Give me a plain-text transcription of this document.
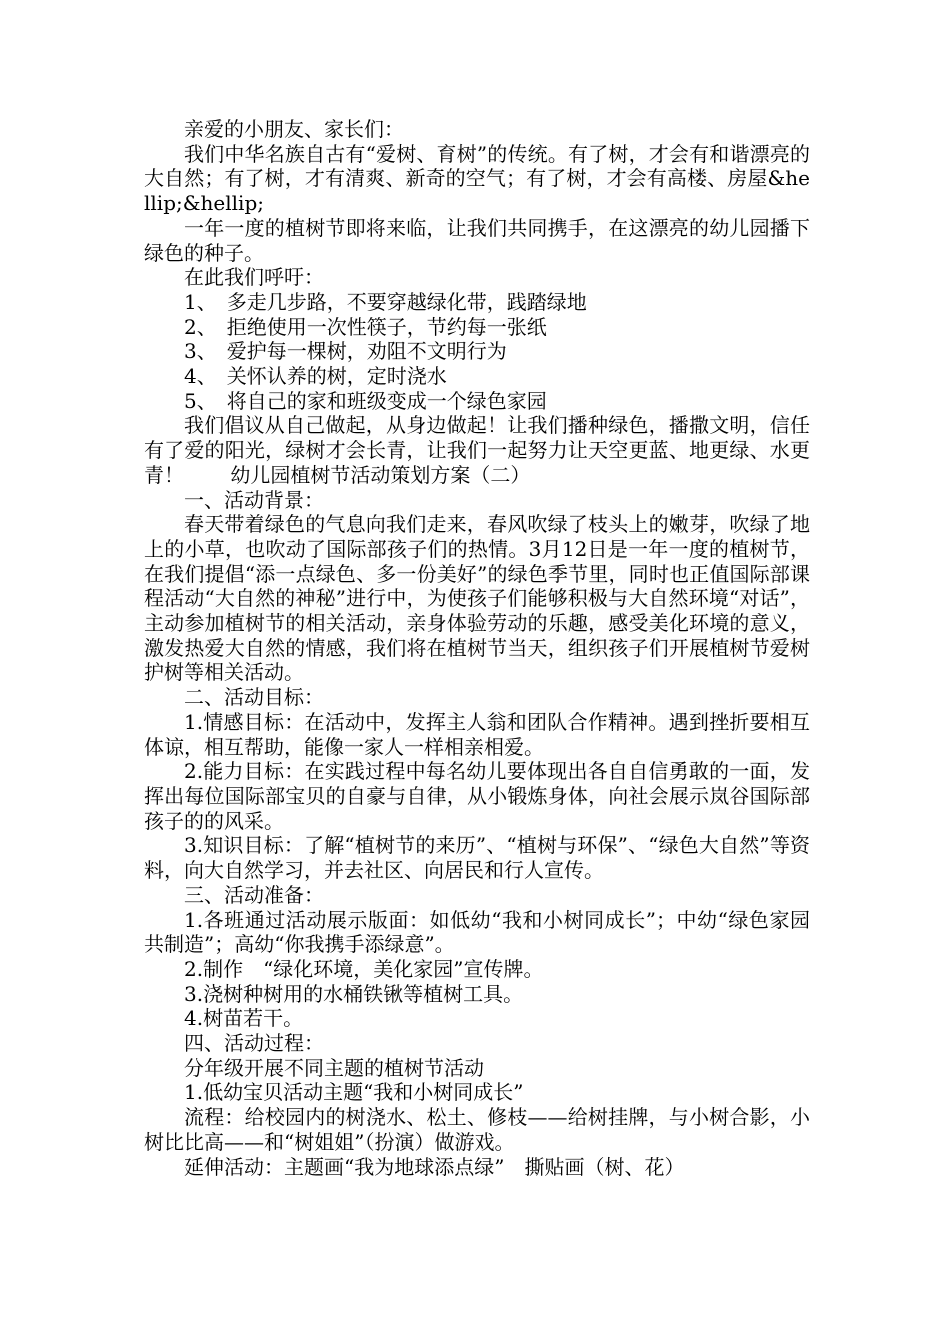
亲爱的小朋友、家长们：

我们中华名族自古有“爱树、育树”的传统。有了树，才会有和谐漂亮的大自然；有了树，才有清爽、新奇的空气；有了树，才会有高楼、房屋&hellip;&hellip;

一年一度的植树节即将来临，让我们共同携手，在这漂亮的幼儿园播下绿色的种子。

在此我们呼吁：

1、　多走几步路，不要穿越绿化带，践踏绿地

2、　拒绝使用一次性筷子，节约每一张纸

3、　爱护每一棵树，劝阻不文明行为

4、　关怀认养的树，定时浇水

5、　将自己的家和班级变成一个绿色家园

我们倡议从自己做起，从身边做起！让我们播种绿色，播撒文明，信任有了爱的阳光，绿树才会长青，让我们一起努力让天空更蓝、地更绿、水更青！　　 幼儿园植树节活动策划方案（二）

一、活动背景：

春天带着绿色的气息向我们走来，春风吹绿了枝头上的嫩芽，吹绿了地上的小草，也吹动了国际部孩子们的热情。3月12日是一年一度的植树节，在我们提倡“添一点绿色、多一份美好”的绿色季节里，同时也正值国际部课程活动“大自然的神秘”进行中，为使孩子们能够积极与大自然环境“对话”，主动参加植树节的相关活动，亲身体验劳动的乐趣，感受美化环境的意义，激发热爱大自然的情感，我们将在植树节当天，组织孩子们开展植树节爱树护树等相关活动。

二、活动目标：

1.情感目标：在活动中，发挥主人翁和团队合作精神。遇到挫折要相互体谅，相互帮助，能像一家人一样相亲相爱。

2.能力目标：在实践过程中每名幼儿要体现出各自自信勇敢的一面，发挥出每位国际部宝贝的自豪与自律，从小锻炼身体，向社会展示岚谷国际部孩子的的风采。

3.知识目标：了解“植树节的来历”、“植树与环保”、“绿色大自然”等资料，向大自然学习，并去社区、向居民和行人宣传。

三、活动准备：

1.各班通过活动展示版面：如低幼“我和小树同成长”；中幼“绿色家园共制造”；高幼“你我携手添绿意”。

2.制作　“绿化环境，美化家园”宣传牌。

3.浇树种树用的水桶铁锹等植树工具。

4.树苗若干。

四、活动过程：

分年级开展不同主题的植树节活动

1.低幼宝贝活动主题“我和小树同成长”

流程：给校园内的树浇水、松土、修枝——给树挂牌，与小树合影，小树比比高——和“树姐姐”（扮演）做游戏。

延伸活动：主题画“我为地球添点绿”　撕贴画（树、花）
